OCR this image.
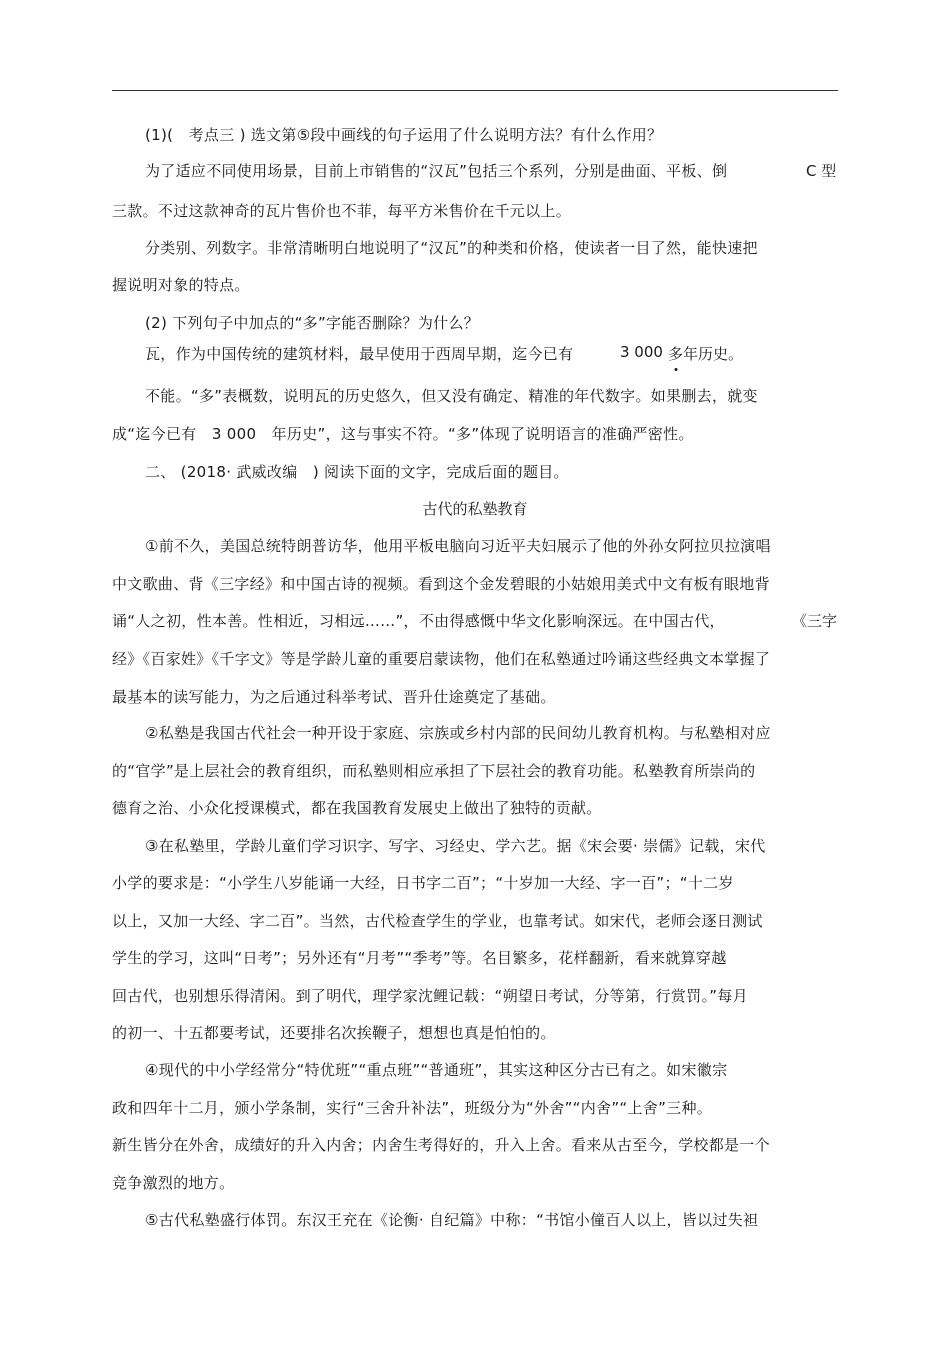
(1)(　考点三 ) 选文第⑤段中画线的句子运用了什么说明方法？有什么作用？
为了适应不同使用场景，目前上市销售的“汉瓦”包括三个系列，分别是曲面、平板、倒	C 型
三款。不过这款神奇的瓦片售价也不菲，每平方米售价在千元以上。
分类别、列数字。非常清晰明白地说明了“汉瓦”的种类和价格，使读者一目了然，能快速把
握说明对象的特点。
(2) 下列句子中加点的“多”字能否删除？为什么？
瓦，作为中国传统的建筑材料，最早使用于西周早期，迄今已有	3 000 多
年历史。
不能。“多”表概数，说明瓦的历史悠久，但又没有确定、精准的年代数字。如果删去，就变
成“迄今已有　3 000　年历史”，这与事实不符。“多”体现了说明语言的准确严密性。
二、 (2018· 武威改编　) 阅读下面的文字，完成后面的题目。
古代的私塾教育
①前不久，美国总统特朗普访华，他用平板电脑向习近平夫妇展示了他的外孙女阿拉贝拉演唱
中文歌曲、背《三字经》和中国古诗的视频。看到这个金发碧眼的小姑娘用美式中文有板有眼地背
诵“人之初，性本善。性相近，习相远……”，不由得感慨中华文化影响深远。在中国古代，	《三字
经》《百家姓》《千字文》等是学龄儿童的重要启蒙读物，他们在私塾通过吟诵这些经典文本掌握了
最基本的读写能力，为之后通过科举考试、晋升仕途奠定了基础。
②私塾是我国古代社会一种开设于家庭、宗族或乡村内部的民间幼儿教育机构。与私塾相对应
的“官学”是上层社会的教育组织，而私塾则相应承担了下层社会的教育功能。私塾教育所崇尚的
德育之治、小众化授课模式，都在我国教育发展史上做出了独特的贡献。
③在私塾里，学龄儿童们学习识字、写字、习经史、学六艺。据《宋会要· 崇儒》记载，宋代
小学的要求是：“小学生八岁能诵一大经，日书字二百”；“十岁加一大经、字一百”；“十二岁
以上，又加一大经、字二百”。当然，古代检查学生的学业，也靠考试。如宋代，老师会逐日测试
学生的学习，这叫“日考”；另外还有“月考”“季考”等。名目繁多，花样翻新，看来就算穿越
回古代，也别想乐得清闲。到了明代，理学家沈鲤记载：“朔望日考试，分等第，行赏罚。”每月
的初一、十五都要考试，还要排名次挨鞭子，想想也真是怕怕的。
④现代的中小学经常分“特优班”“重点班”“普通班”，其实这种区分古已有之。如宋徽宗
政和四年十二月，颁小学条制，实行“三舍升补法”，班级分为“外舍”“内舍”“上舍”三种。
新生皆分在外舍，成绩好的升入内舍；内舍生考得好的，升入上舍。看来从古至今，学校都是一个
竞争激烈的地方。
⑤古代私塾盛行体罚。东汉王充在《论衡· 自纪篇》中称：“书馆小僮百人以上，皆以过失袒
